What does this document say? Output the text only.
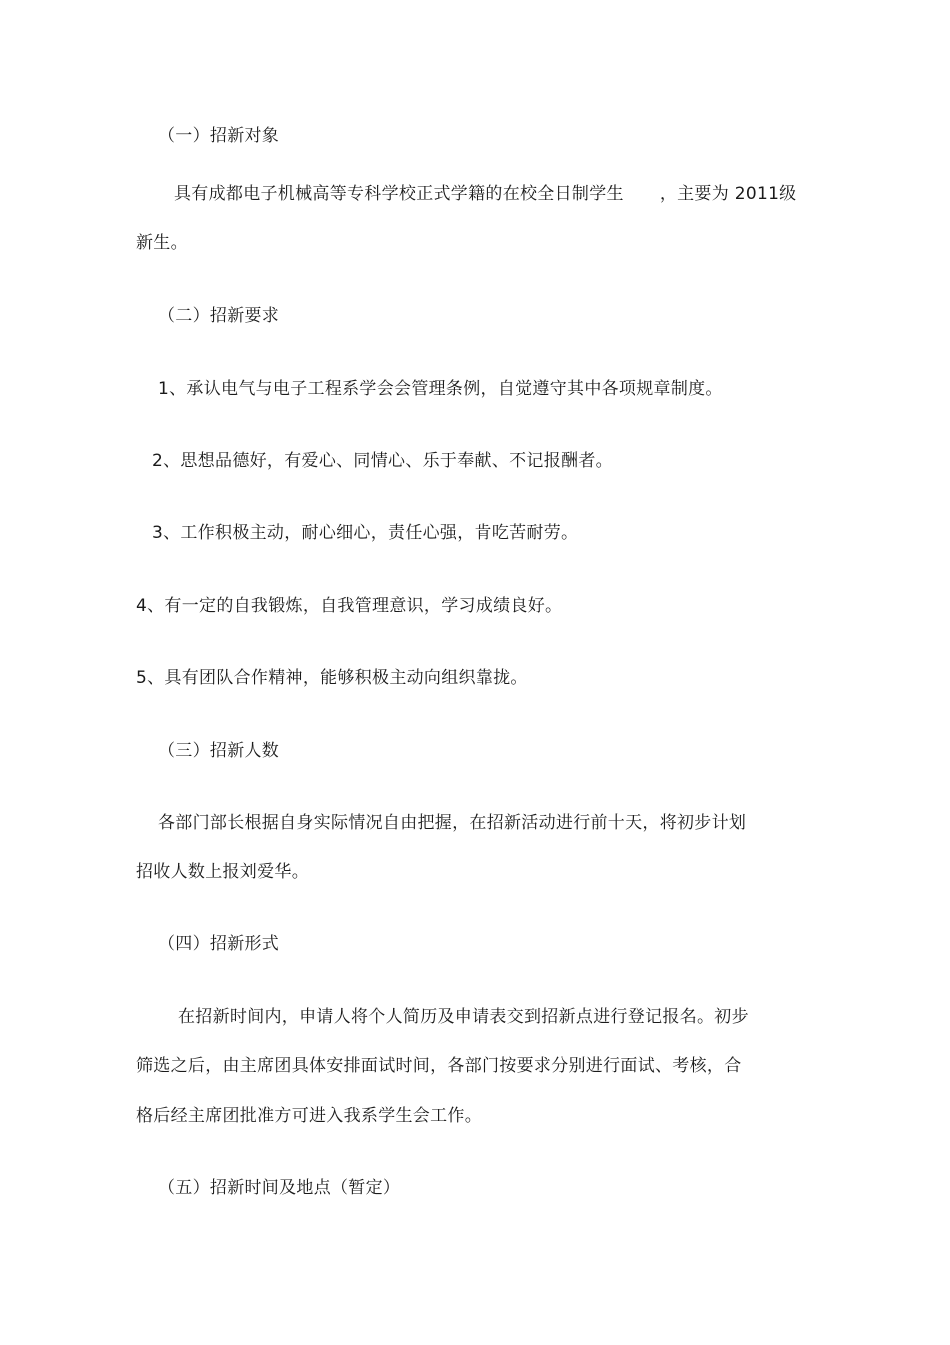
（一）招新对象
具有成都电子机械高等专科学校正式学籍的在校全日制学生 ，主要为 2011级
新生。
（二）招新要求
1、承认电气与电子工程系学会会管理条例，自觉遵守其中各项规章制度。
2、思想品德好，有爱心、同情心、乐于奉献、不记报酬者。
3、工作积极主动，耐心细心，责任心强，肯吃苦耐劳。
4、有一定的自我锻炼，自我管理意识，学习成绩良好。
5、具有团队合作精神，能够积极主动向组织靠拢。
（三）招新人数
各部门部长根据自身实际情况自由把握，在招新活动进行前十天，将初步计划
招收人数上报刘爱华。
（四）招新形式
在招新时间内，申请人将个人简历及申请表交到招新点进行登记报名。初步
筛选之后，由主席团具体安排面试时间，各部门按要求分别进行面试、考核，合
格后经主席团批准方可进入我系学生会工作。
（五）招新时间及地点（暂定）
